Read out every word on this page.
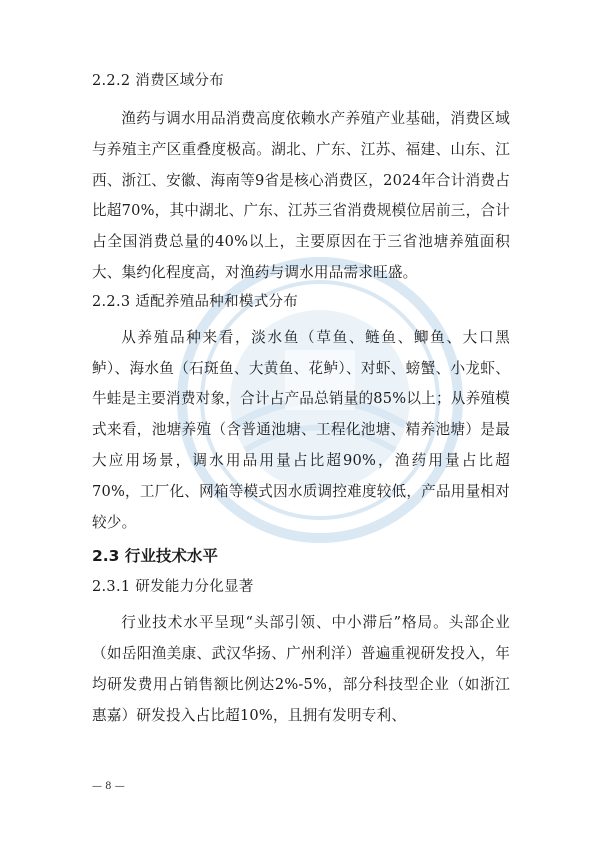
2.2.2 消费区域分布

渔药与调水用品消费高度依赖水产养殖产业基础，消费区域与养殖主产区重叠度极高。湖北、广东、江苏、福建、山东、江西、浙江、安徽、海南等9省是核心消费区，2024年合计消费占比超70%，其中湖北、广东、江苏三省消费规模位居前三，合计占全国消费总量的40%以上，主要原因在于三省池塘养殖面积大、集约化程度高，对渔药与调水用品需求旺盛。

2.2.3 适配养殖品种和模式分布

从养殖品种来看，淡水鱼（草鱼、鲢鱼、鲫鱼、大口黑鲈）、海水鱼（石斑鱼、大黄鱼、花鲈）、对虾、螃蟹、小龙虾、牛蛙是主要消费对象，合计占产品总销量的85%以上；从养殖模式来看，池塘养殖（含普通池塘、工程化池塘、精养池塘）是最大应用场景，调水用品用量占比超90%，渔药用量占比超70%，工厂化、网箱等模式因水质调控难度较低，产品用量相对较少。

2.3 行业技术水平

2.3.1 研发能力分化显著

行业技术水平呈现“头部引领、中小滞后”格局。头部企业（如岳阳渔美康、武汉华扬、广州利洋）普遍重视研发投入，年均研发费用占销售额比例达2%-5%，部分科技型企业（如浙江惠嘉）研发投入占比超10%，且拥有发明专利、

— 8 —
